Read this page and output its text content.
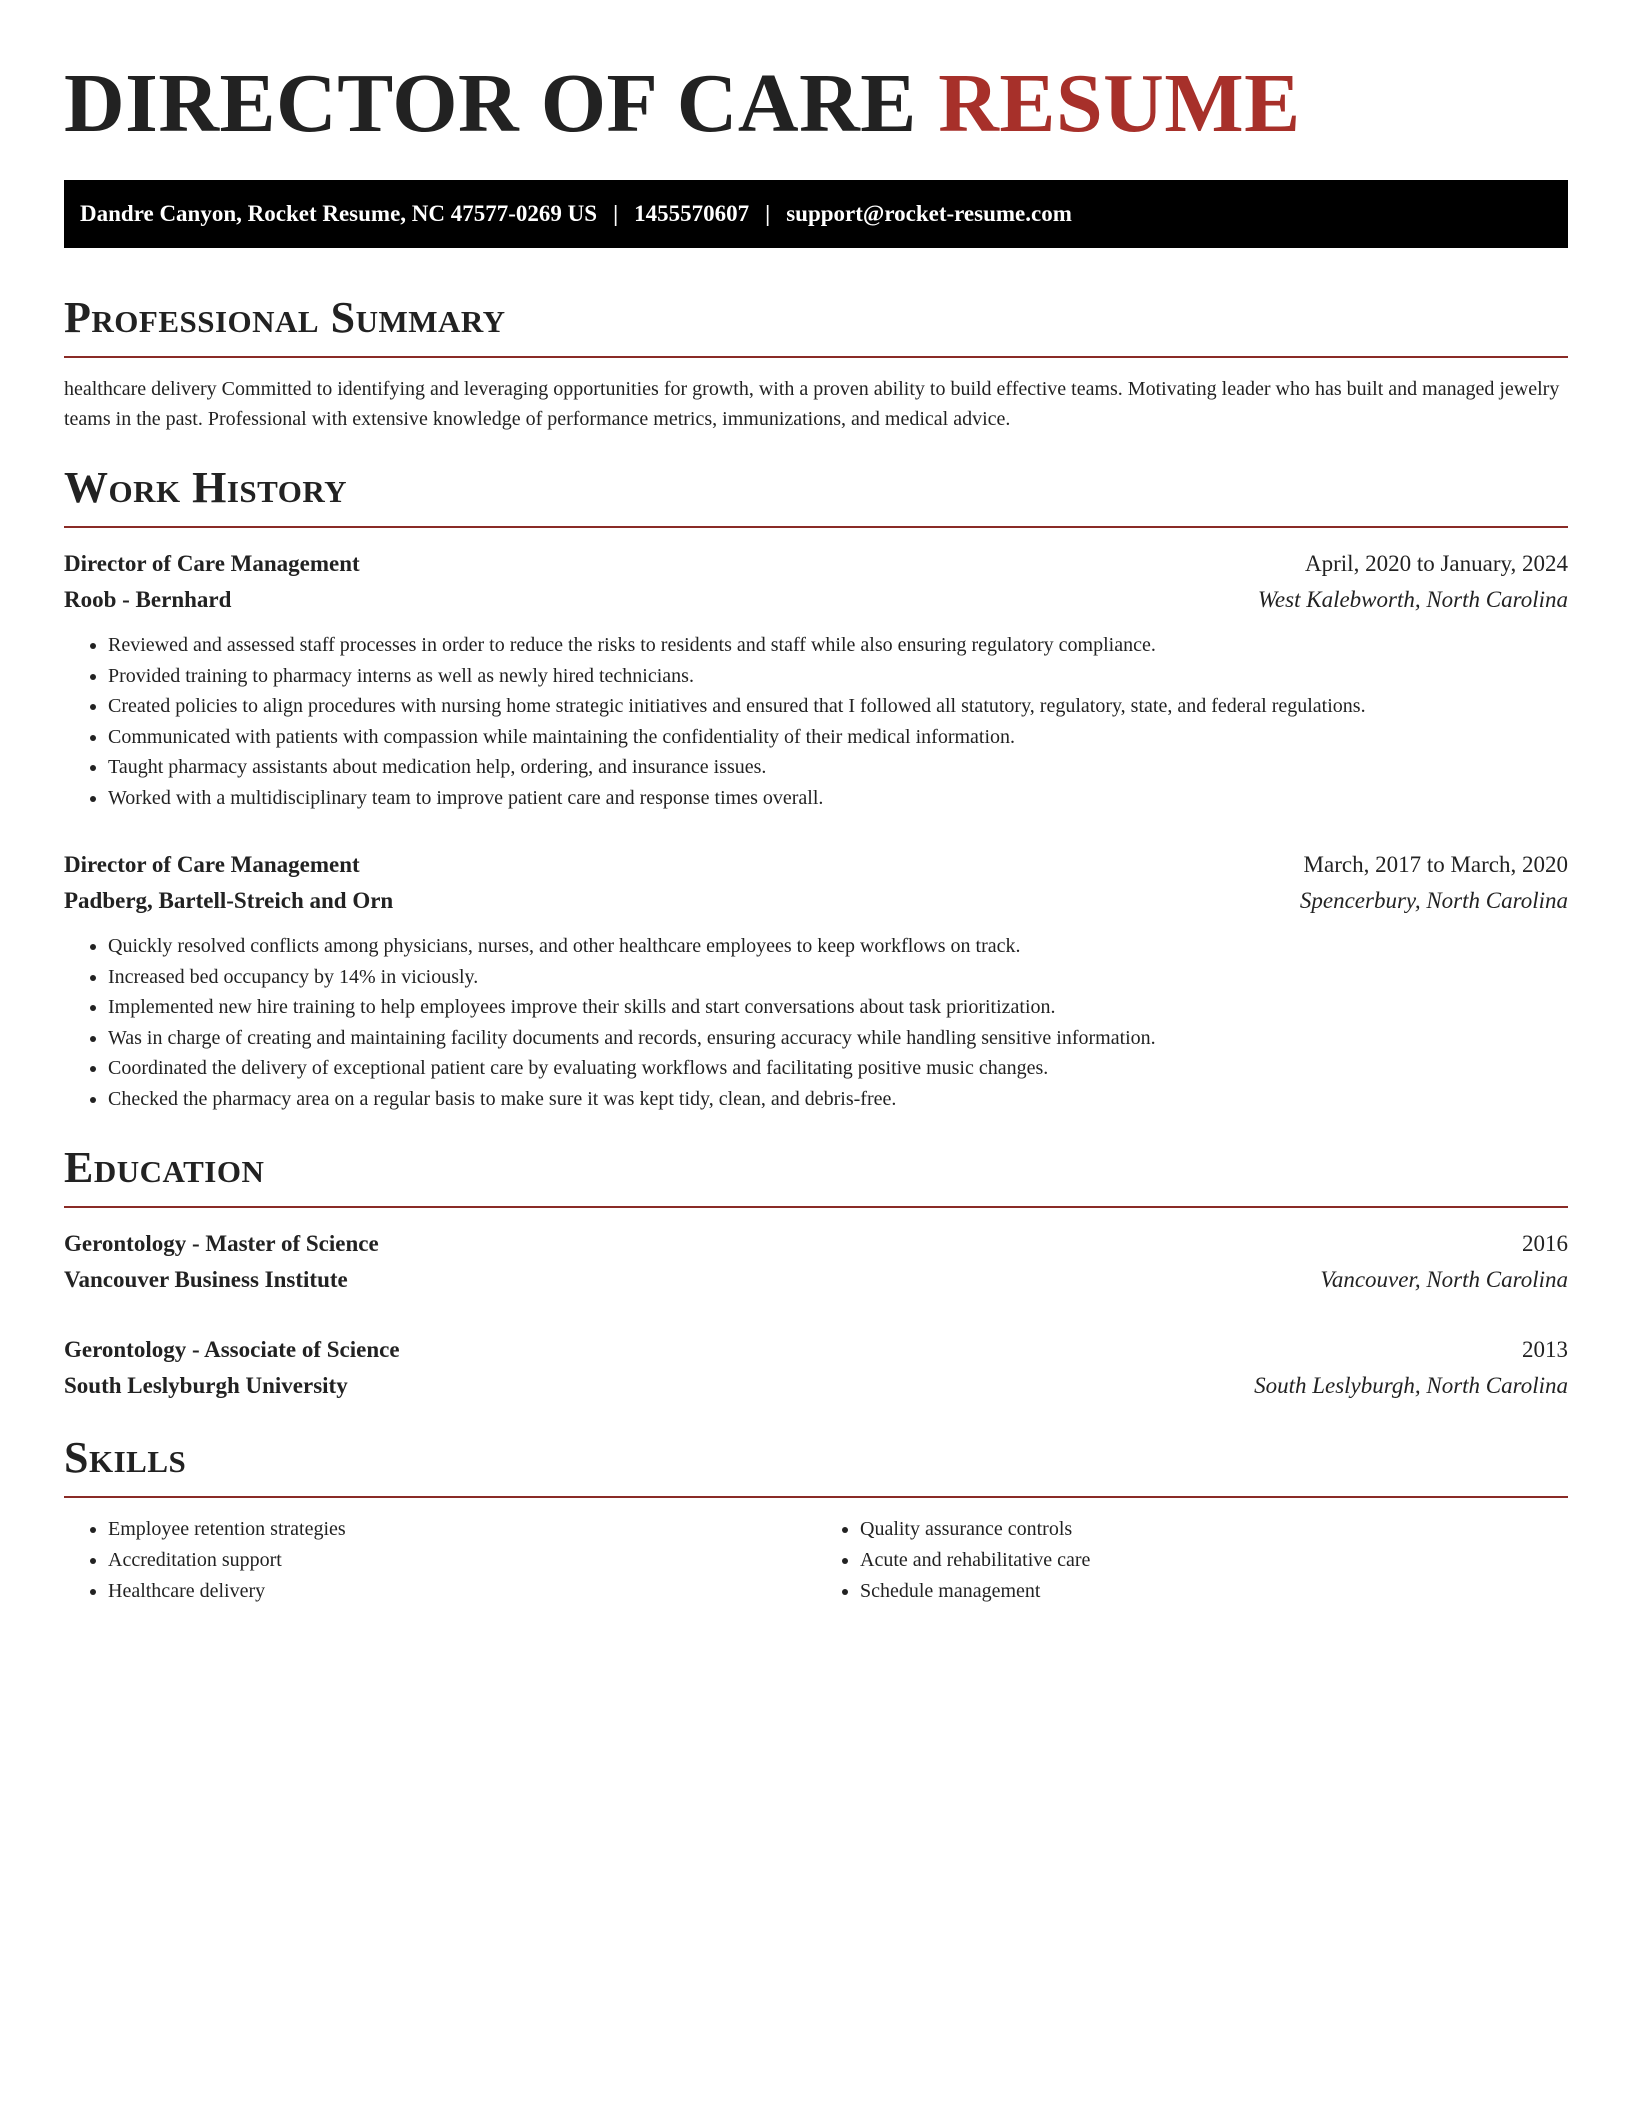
DIRECTOR OF CARE RESUME
Dandre Canyon, Rocket Resume, NC 47577-0269 US | 1455570607 | support@rocket-resume.com
Professional Summary

healthcare delivery Committed to identifying and leveraging opportunities for growth, with a proven ability to build effective teams. Motivating leader who has built and managed jewelry teams in the past. Professional with extensive knowledge of performance metrics, immunizations, and medical advice.

Work History
Director of Care Management	April, 2020 to January, 2024
Roob - Bernhard	West Kalebworth, North Carolina
• Reviewed and assessed staff processes in order to reduce the risks to residents and staff while also ensuring regulatory compliance.
• Provided training to pharmacy interns as well as newly hired technicians.
• Created policies to align procedures with nursing home strategic initiatives and ensured that I followed all statutory, regulatory, state, and federal regulations.
• Communicated with patients with compassion while maintaining the confidentiality of their medical information.
• Taught pharmacy assistants about medication help, ordering, and insurance issues.
• Worked with a multidisciplinary team to improve patient care and response times overall.
Director of Care Management	March, 2017 to March, 2020
Padberg, Bartell-Streich and Orn	Spencerbury, North Carolina
• Quickly resolved conflicts among physicians, nurses, and other healthcare employees to keep workflows on track.
• Increased bed occupancy by 14% in viciously.
• Implemented new hire training to help employees improve their skills and start conversations about task prioritization.
• Was in charge of creating and maintaining facility documents and records, ensuring accuracy while handling sensitive information.
• Coordinated the delivery of exceptional patient care by evaluating workflows and facilitating positive music changes.
• Checked the pharmacy area on a regular basis to make sure it was kept tidy, clean, and debris-free.
Education
Gerontology - Master of Science	2016
Vancouver Business Institute	Vancouver, North Carolina
Gerontology - Associate of Science	2013
South Leslyburgh University	South Leslyburgh, North Carolina
Skills
• Employee retention strategies
• Accreditation support
• Healthcare delivery
• Quality assurance controls
• Acute and rehabilitative care
• Schedule management
